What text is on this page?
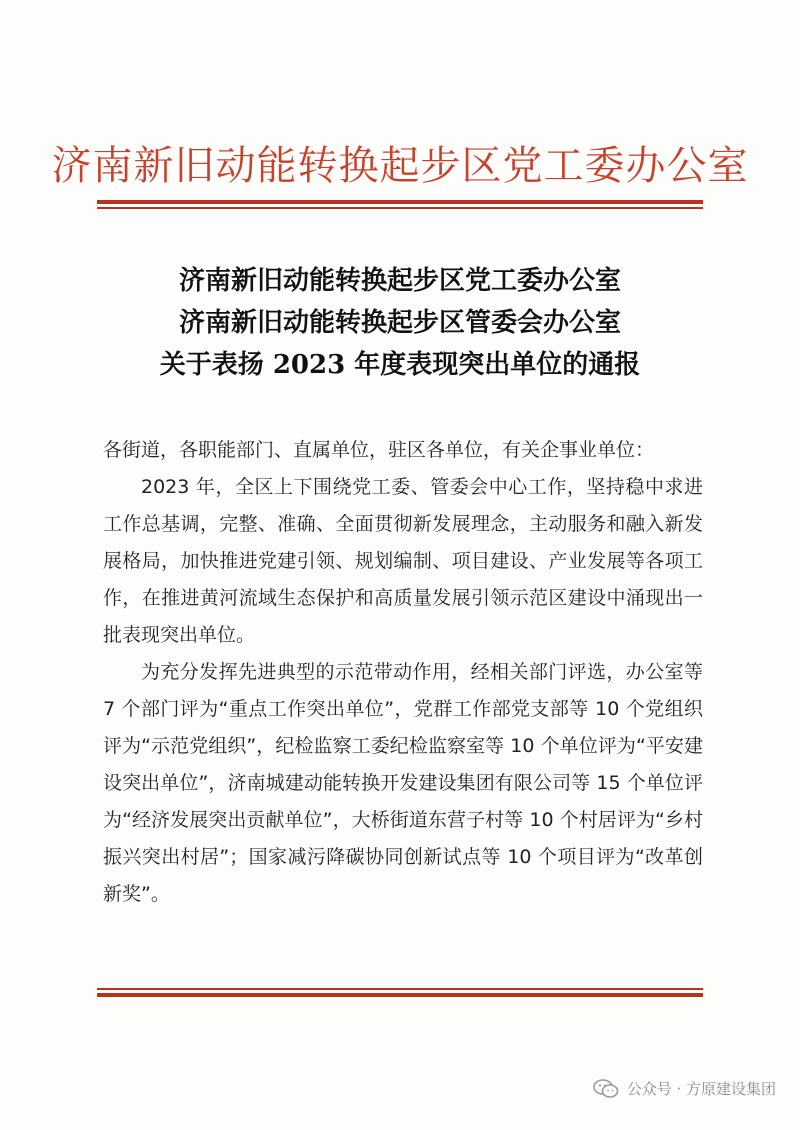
济南新旧动能转换起步区党工委办公室
济南新旧动能转换起步区党工委办公室
济南新旧动能转换起步区管委会办公室
关于表扬 2023 年度表现突出单位的通报

各街道，各职能部门、直属单位，驻区各单位，有关企事业单位：

2023 年，全区上下围绕党工委、管委会中心工作，坚持稳中求进工作总基调，完整、准确、全面贯彻新发展理念，主动服务和融入新发展格局，加快推进党建引领、规划编制、项目建设、产业发展等各项工作，在推进黄河流域生态保护和高质量发展引领示范区建设中涌现出一批表现突出单位。

为充分发挥先进典型的示范带动作用，经相关部门评选，办公室等 7 个部门评为“重点工作突出单位”，党群工作部党支部等 10 个党组织评为“示范党组织”，纪检监察工委纪检监察室等 10 个单位评为“平安建设突出单位”，济南城建动能转换开发建设集团有限公司等 15 个单位评为“经济发展突出贡献单位”，大桥街道东营子村等 10 个村居评为“乡村振兴突出村居”；国家减污降碳协同创新试点等 10 个项目评为“改革创新奖”。

公众号 · 方原建设集团
